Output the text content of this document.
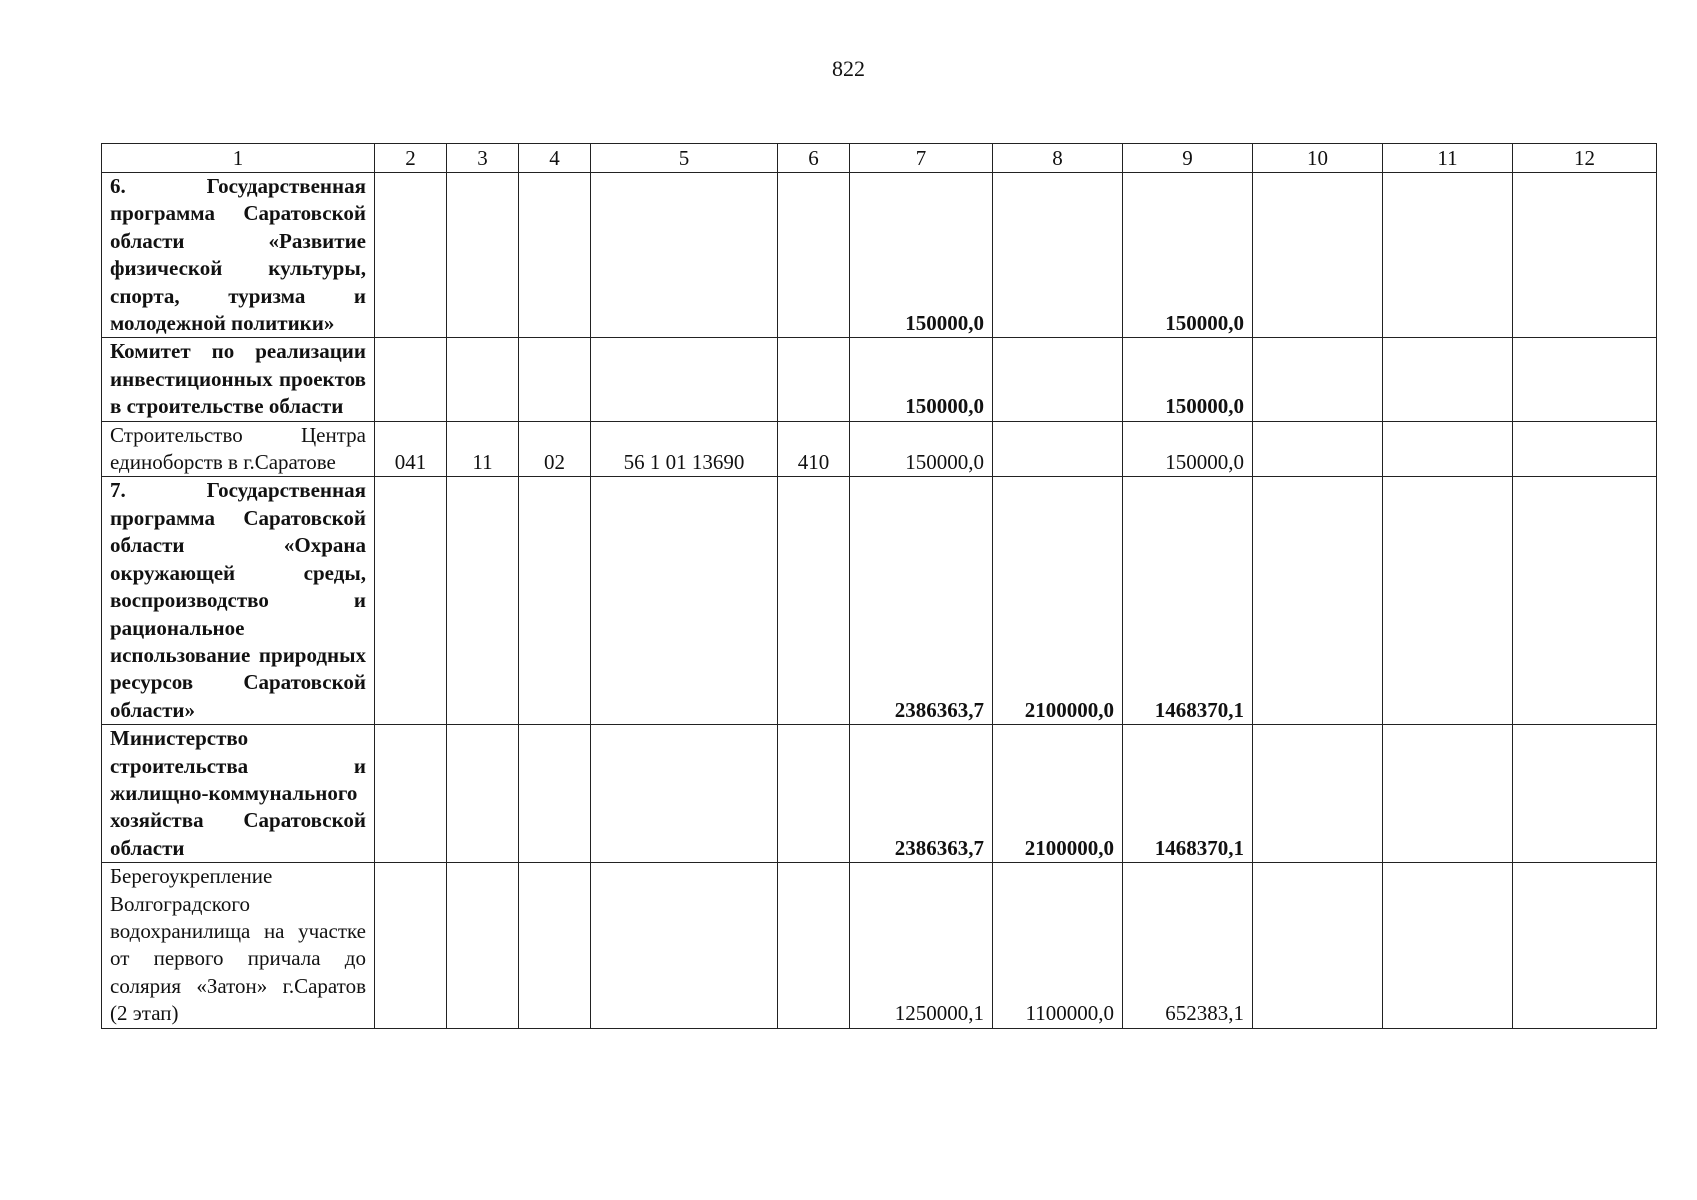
822
1	2	3	4	5	6	7	8	9	10	11	12
6. Государственная программа Саратовской области «Развитие физической культуры, спорта, туризма и молодежной политики»						150000,0		150000,0			
Комитет по реализации инвестиционных проектов в строительстве области						150000,0		150000,0			
Строительство Центра единоборств в г.Саратове	041	11	02	56 1 01 13690	410	150000,0		150000,0			
7. Государственная программа Саратовской области «Охрана окружающей среды, воспроизводство и рациональное использование природных ресурсов Саратовской области»						2386363,7	2100000,0	1468370,1			
Министерство строительства и жилищно-коммунального хозяйства Саратовской области						2386363,7	2100000,0	1468370,1			
Берегоукрепление Волгоградского водохранилища на участке от первого причала до солярия «Затон» г.Саратов (2 этап)						1250000,1	1100000,0	652383,1			
